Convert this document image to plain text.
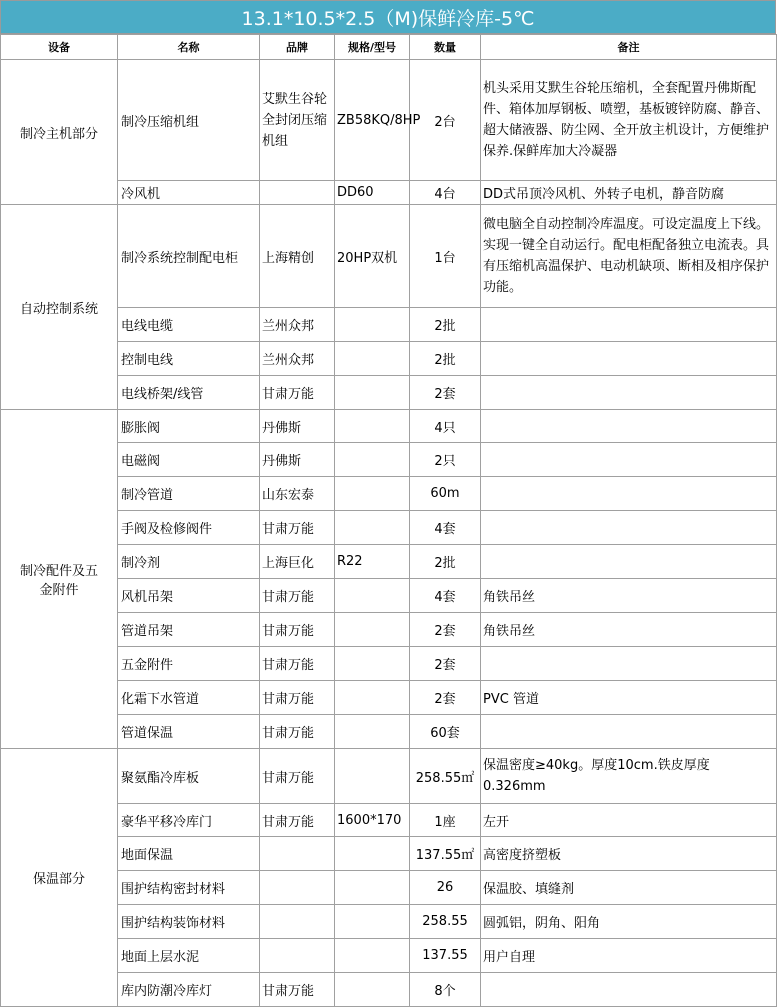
13.1*10.5*2.5（M)保鲜冷库-5℃
设备	名称	品牌	规格/型号	数量	备注
制冷主机部分	制冷压缩机组	艾默生谷轮全封闭压缩机组	ZB58KQ/8HP	2台	机头采用艾默生谷轮压缩机，全套配置丹佛斯配件、箱体加厚钢板、喷塑，基板镀锌防腐、静音、超大储液器、防尘网、全开放主机设计，方便维护保养.保鲜库加大冷凝器
	冷风机		DD60	4台	DD式吊顶冷风机、外转子电机，静音防腐
自动控制系统	制冷系统控制配电柜	上海精创	20HP双机	1台	微电脑全自动控制冷库温度。可设定温度上下线。实现一键全自动运行。配电柜配备独立电流表。具有压缩机高温保护、电动机缺项、断相及相序保护功能。
	电线电缆	兰州众邦		2批	
	控制电线	兰州众邦		2批	
	电线桥架/线管	甘肃万能		2套	
制冷配件及五金附件	膨胀阀	丹佛斯		4只	
	电磁阀	丹佛斯		2只	
	制冷管道	山东宏泰		60m	
	手阀及检修阀件	甘肃万能		4套	
	制冷剂	上海巨化	R22	2批	
	风机吊架	甘肃万能		4套	角铁吊丝
	管道吊架	甘肃万能		2套	角铁吊丝
	五金附件	甘肃万能		2套	
	化霜下水管道	甘肃万能		2套	PVC 管道
	管道保温	甘肃万能		60套	
保温部分	聚氨酯冷库板	甘肃万能		258.55㎡	保温密度≥40kg。厚度10cm.铁皮厚度0.326mm
	豪华平移冷库门	甘肃万能	1600*170	1座	左开
	地面保温			137.55㎡	高密度挤塑板
	围护结构密封材料			26	保温胶、填缝剂
	围护结构装饰材料			258.55	圆弧铝，阴角、阳角
	地面上层水泥			137.55	用户自理
	库内防潮冷库灯	甘肃万能		8个	
